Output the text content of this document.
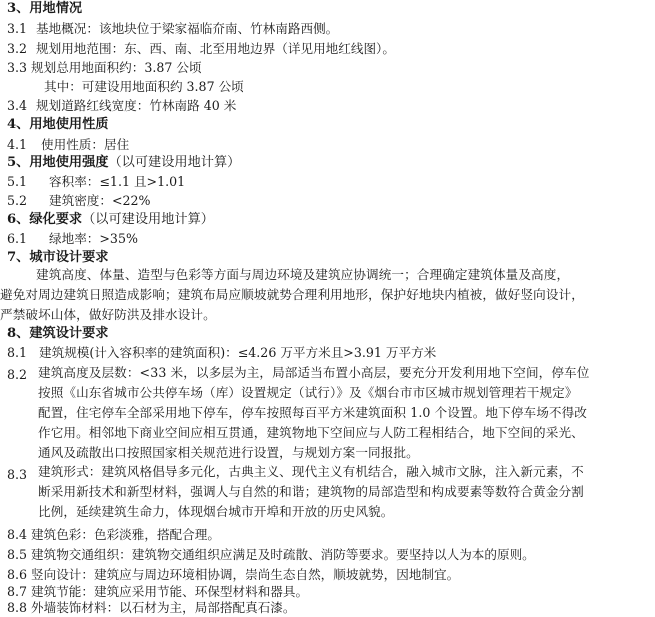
3、用地情况
3.1 基地概况：该地块位于梁家福临夼南、竹林南路西侧。
3.2 规划用地范围：东、西、南、北至用地边界（详见用地红线图）。
3.3 规划总用地面积约：3.87 公顷
其中：可建设用地面积约 3.87 公顷
3.4 规划道路红线宽度：竹林南路 40 米
4、用地使用性质
4.1 使用性质：居住
5、用地使用强度（以可建设用地计算）
5.1 容积率：≤1.1 且>1.01
5.2 建筑密度：<22%
6、绿化要求（以可建设用地计算）
6.1 绿地率：>35%
7、城市设计要求
建筑高度、体量、造型与色彩等方面与周边环境及建筑应协调统一；合理确定建筑体量及高度，
避免对周边建筑日照造成影响；建筑布局应顺坡就势合理利用地形，保护好地块内植被，做好竖向设计，
严禁破坏山体，做好防洪及排水设计。
8、建筑设计要求
8.1 建筑规模(计入容积率的建筑面积)：≤4.26 万平方米且>3.91 万平方米
8.2 建筑高度及层数：<33 米，以多层为主，局部适当布置小高层，要充分开发利用地下空间，停车位
按照《山东省城市公共停车场（库）设置规定（试行）》及《烟台市市区城市规划管理若干规定》
配置，住宅停车全部采用地下停车，停车按照每百平方米建筑面积 1.0 个设置。地下停车场不得改
作它用。相邻地下商业空间应相互贯通，建筑物地下空间应与人防工程相结合，地下空间的采光、
通风及疏散出口按照国家相关规范进行设置，与规划方案一同报批。
8.3 建筑形式：建筑风格倡导多元化，古典主义、现代主义有机结合，融入城市文脉，注入新元素，不
断采用新技术和新型材料，强调人与自然的和谐；建筑物的局部造型和构成要素等数符合黄金分割
比例，延续建筑生命力，体现烟台城市开埠和开放的历史风貌。
8.4 建筑色彩：色彩淡雅，搭配合理。
8.5 建筑物交通组织：建筑物交通组织应满足及时疏散、消防等要求。要坚持以人为本的原则。
8.6 竖向设计：建筑应与周边环境相协调，崇尚生态自然，顺坡就势，因地制宜。
8.7 建筑节能：建筑应采用节能、环保型材料和器具。
8.8 外墙装饰材料：以石材为主，局部搭配真石漆。
